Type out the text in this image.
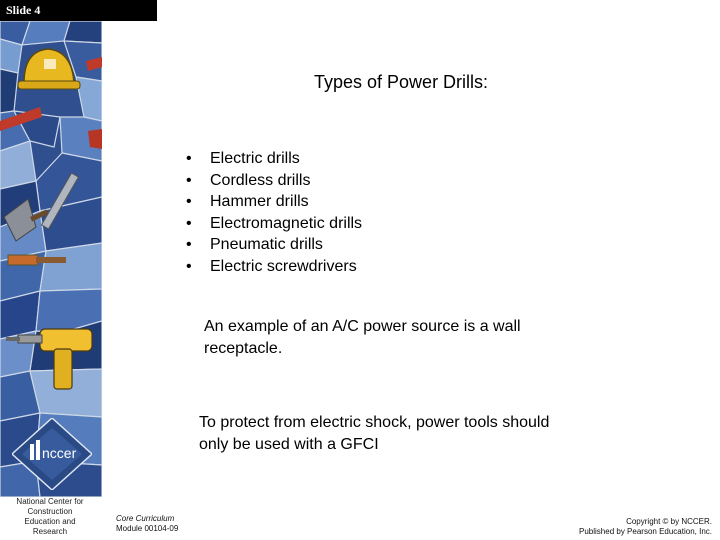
Slide 4
nccer
National Center for Construction Education and Research
Core Curriculum
Module 00104-09
Copyright © by NCCER.
Published by Pearson Education, Inc.
Types of Power Drills:
•	Electric drills
•	Cordless drills
•	Hammer drills
•	Electromagnetic drills
•	Pneumatic drills
•	Electric screwdrivers
An example of an A/C power source is a wall receptacle.
To protect from electric shock, power tools should only be used with a GFCI
